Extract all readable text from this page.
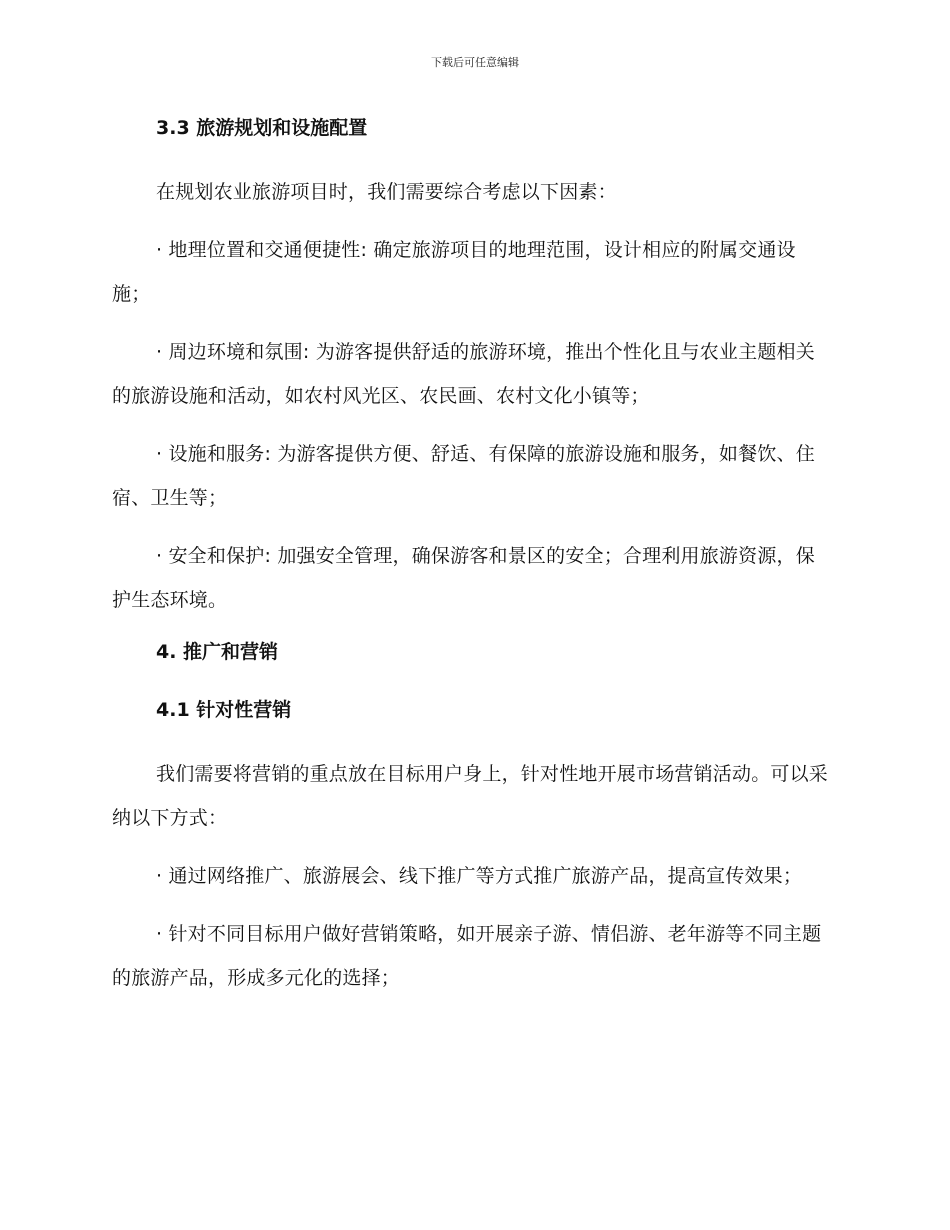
下载后可任意编辑
3.3 旅游规划和设施配置

在规划农业旅游项目时，我们需要综合考虑以下因素：

· 地理位置和交通便捷性: 确定旅游项目的地理范围，设计相应的附属交通设施；

· 周边环境和氛围: 为游客提供舒适的旅游环境，推出个性化且与农业主题相关的旅游设施和活动，如农村风光区、农民画、农村文化小镇等；

· 设施和服务: 为游客提供方便、舒适、有保障的旅游设施和服务，如餐饮、住宿、卫生等；

· 安全和保护: 加强安全管理，确保游客和景区的安全；合理利用旅游资源，保护生态环境。

4. 推广和营销
4.1 针对性营销

我们需要将营销的重点放在目标用户身上，针对性地开展市场营销活动。可以采纳以下方式：

· 通过网络推广、旅游展会、线下推广等方式推广旅游产品，提高宣传效果；

· 针对不同目标用户做好营销策略，如开展亲子游、情侣游、老年游等不同主题的旅游产品，形成多元化的选择；
